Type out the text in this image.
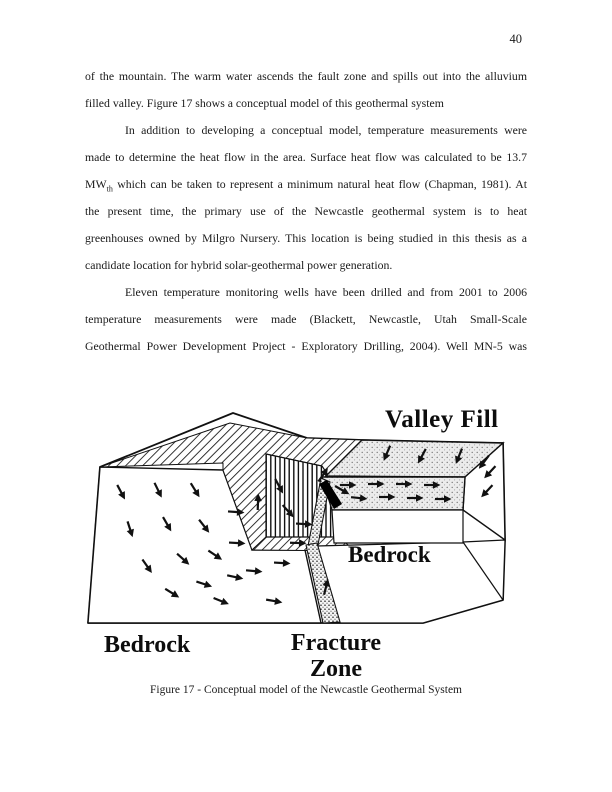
40
of the mountain. The warm water ascends the fault zone and spills out into the alluvium
filled valley. Figure 17 shows a conceptual model of this geothermal system
In addition to developing a conceptual model, temperature measurements were
made to determine the heat flow in the area. Surface heat flow was calculated to be 13.7
$MW_{th}$ which can be taken to represent a minimum natural heat flow (Chapman, 1981). At
the present time, the primary use of the Newcastle geothermal system is to heat
greenhouses owned by Milgro Nursery. This location is being studied in this thesis as a
candidate location for hybrid solar-geothermal power generation.
Eleven temperature monitoring wells have been drilled and from 2001 to 2006
temperature measurements were made (Blackett, Newcastle, Utah Small-Scale
Geothermal Power Development Project - Exploratory Drilling, 2004). Well MN-5 was
Valley Fill
Bedrock
Bedrock	Fracture
Zone
Figure 17 - Conceptual model of the Newcastle Geothermal System
